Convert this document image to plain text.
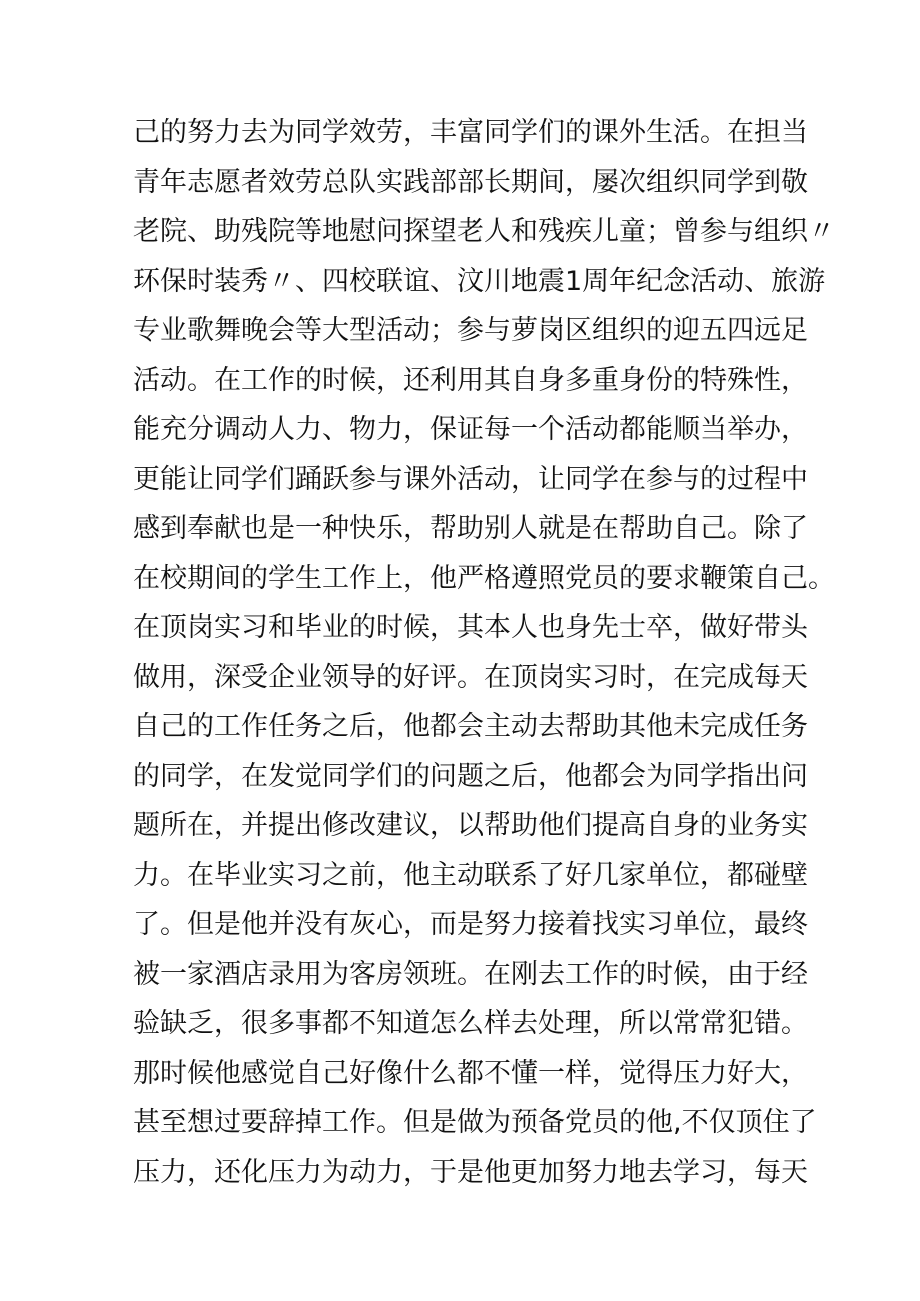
己的努力去为同学效劳，丰富同学们的课外生活。在担当
青年志愿者效劳总队实践部部长期间，屡次组织同学到敬
老院、助残院等地慰问探望老人和残疾儿童；曾参与组织〃
环保时装秀〃、四校联谊、汶川地震1周年纪念活动、旅游
专业歌舞晚会等大型活动；参与萝岗区组织的迎五四远足
活动。在工作的时候，还利用其自身多重身份的特殊性，
能充分调动人力、物力，保证每一个活动都能顺当举办，
更能让同学们踊跃参与课外活动，让同学在参与的过程中
感到奉献也是一种快乐，帮助别人就是在帮助自己。除了
在校期间的学生工作上，他严格遵照党员的要求鞭策自己。
在顶岗实习和毕业的时候，其本人也身先士卒，做好带头
做用，深受企业领导的好评。在顶岗实习时，在完成每天
自己的工作任务之后，他都会主动去帮助其他未完成任务
的同学，在发觉同学们的问题之后，他都会为同学指出问
题所在，并提出修改建议，以帮助他们提高自身的业务实
力。在毕业实习之前，他主动联系了好几家单位，都碰壁
了。但是他并没有灰心，而是努力接着找实习单位，最终
被一家酒店录用为客房领班。在刚去工作的时候，由于经
验缺乏，很多事都不知道怎么样去处理，所以常常犯错。
那时候他感觉自己好像什么都不懂一样，觉得压力好大，
甚至想过要辞掉工作。但是做为预备党员的他,不仅顶住了
压力，还化压力为动力，于是他更加努力地去学习，每天
